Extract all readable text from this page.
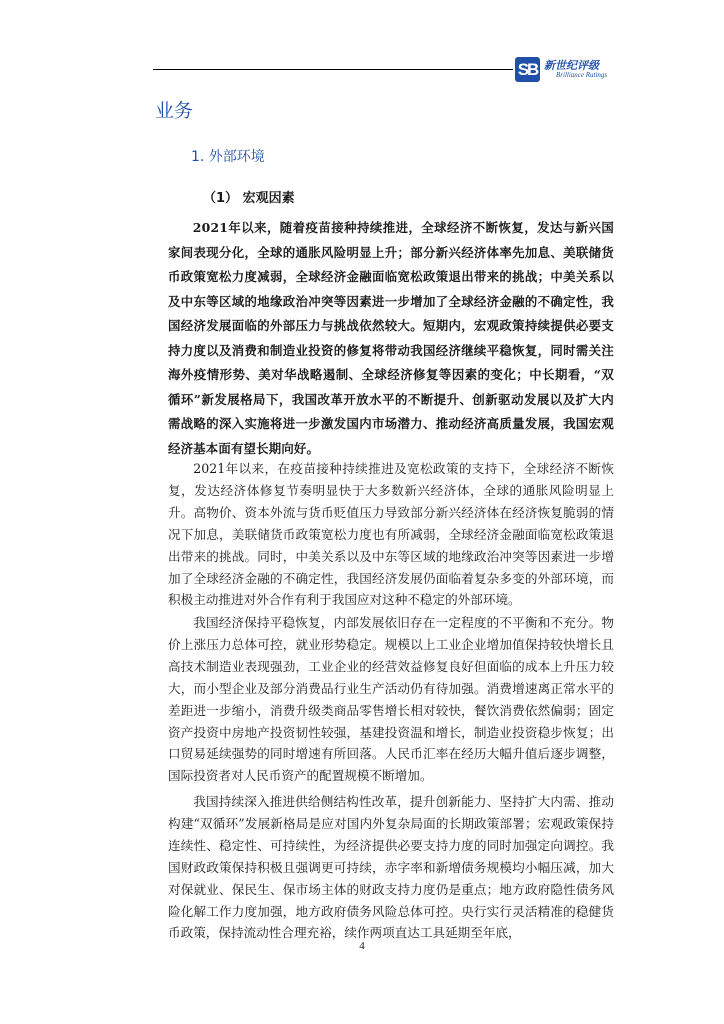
SB 新世纪评级
Brilliance Ratings
业务
1. 外部环境
（1） 宏观因素

2021年以来，随着疫苗接种持续推进，全球经济不断恢复，发达与新兴国家间表现分化，全球的通胀风险明显上升；部分新兴经济体率先加息、美联储货币政策宽松力度减弱，全球经济金融面临宽松政策退出带来的挑战；中美关系以及中东等区域的地缘政治冲突等因素进一步增加了全球经济金融的不确定性，我国经济发展面临的外部压力与挑战依然较大。短期内，宏观政策持续提供必要支持力度以及消费和制造业投资的修复将带动我国经济继续平稳恢复，同时需关注海外疫情形势、美对华战略遏制、全球经济修复等因素的变化；中长期看，“双循环”新发展格局下，我国改革开放水平的不断提升、创新驱动发展以及扩大内需战略的深入实施将进一步激发国内市场潜力、推动经济高质量发展，我国宏观经济基本面有望长期向好。

2021年以来，在疫苗接种持续推进及宽松政策的支持下，全球经济不断恢复，发达经济体修复节奏明显快于大多数新兴经济体，全球的通胀风险明显上升。高物价、资本外流与货币贬值压力导致部分新兴经济体在经济恢复脆弱的情况下加息，美联储货币政策宽松力度也有所减弱，全球经济金融面临宽松政策退出带来的挑战。同时，中美关系以及中东等区域的地缘政治冲突等因素进一步增加了全球经济金融的不确定性，我国经济发展仍面临着复杂多变的外部环境，而积极主动推进对外合作有利于我国应对这种不稳定的外部环境。

我国经济保持平稳恢复，内部发展依旧存在一定程度的不平衡和不充分。物价上涨压力总体可控，就业形势稳定。规模以上工业企业增加值保持较快增长且高技术制造业表现强劲，工业企业的经营效益修复良好但面临的成本上升压力较大，而小型企业及部分消费品行业生产活动仍有待加强。消费增速离正常水平的差距进一步缩小，消费升级类商品零售增长相对较快，餐饮消费依然偏弱；固定资产投资中房地产投资韧性较强，基建投资温和增长，制造业投资稳步恢复；出口贸易延续强势的同时增速有所回落。人民币汇率在经历大幅升值后逐步调整，国际投资者对人民币资产的配置规模不断增加。

我国持续深入推进供给侧结构性改革，提升创新能力、坚持扩大内需、推动构建“双循环”发展新格局是应对国内外复杂局面的长期政策部署；宏观政策保持连续性、稳定性、可持续性，为经济提供必要支持力度的同时加强定向调控。我国财政政策保持积极且强调更可持续，赤字率和新增债务规模均小幅压减，加大对保就业、保民生、保市场主体的财政支持力度仍是重点；地方政府隐性债务风险化解工作力度加强，地方政府债务风险总体可控。央行实行灵活精准的稳健货币政策，保持流动性合理充裕，续作两项直达工具延期至年底，

4
